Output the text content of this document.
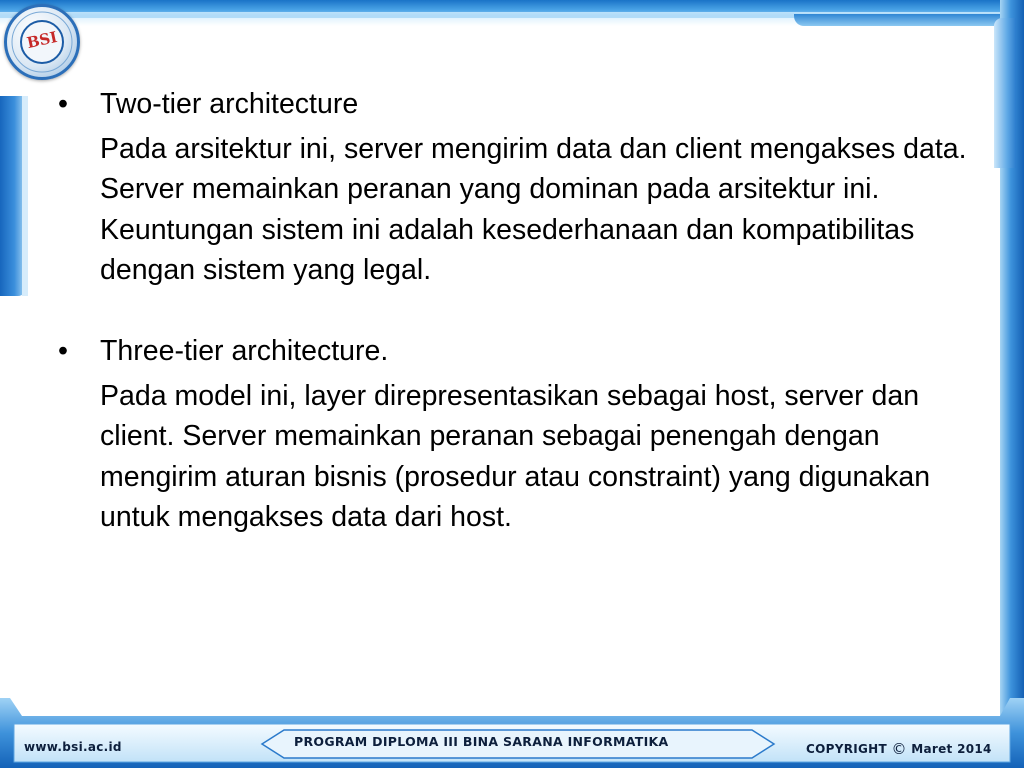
BSI

•	Two-tier architecture

Pada arsitektur ini, server mengirim data dan client mengakses data. Server memainkan peranan yang dominan pada arsitektur ini. Keuntungan sistem ini adalah kesederhanaan dan kompatibilitas dengan sistem yang legal.

•	Three-tier architecture.

Pada model ini, layer direpresentasikan sebagai host, server dan client. Server memainkan peranan sebagai penengah dengan mengirim aturan bisnis (prosedur atau constraint) yang digunakan untuk mengakses data dari host.

www.bsi.ac.id	PROGRAM DIPLOMA III BINA SARANA INFORMATIKA	COPYRIGHT © Maret 2014
